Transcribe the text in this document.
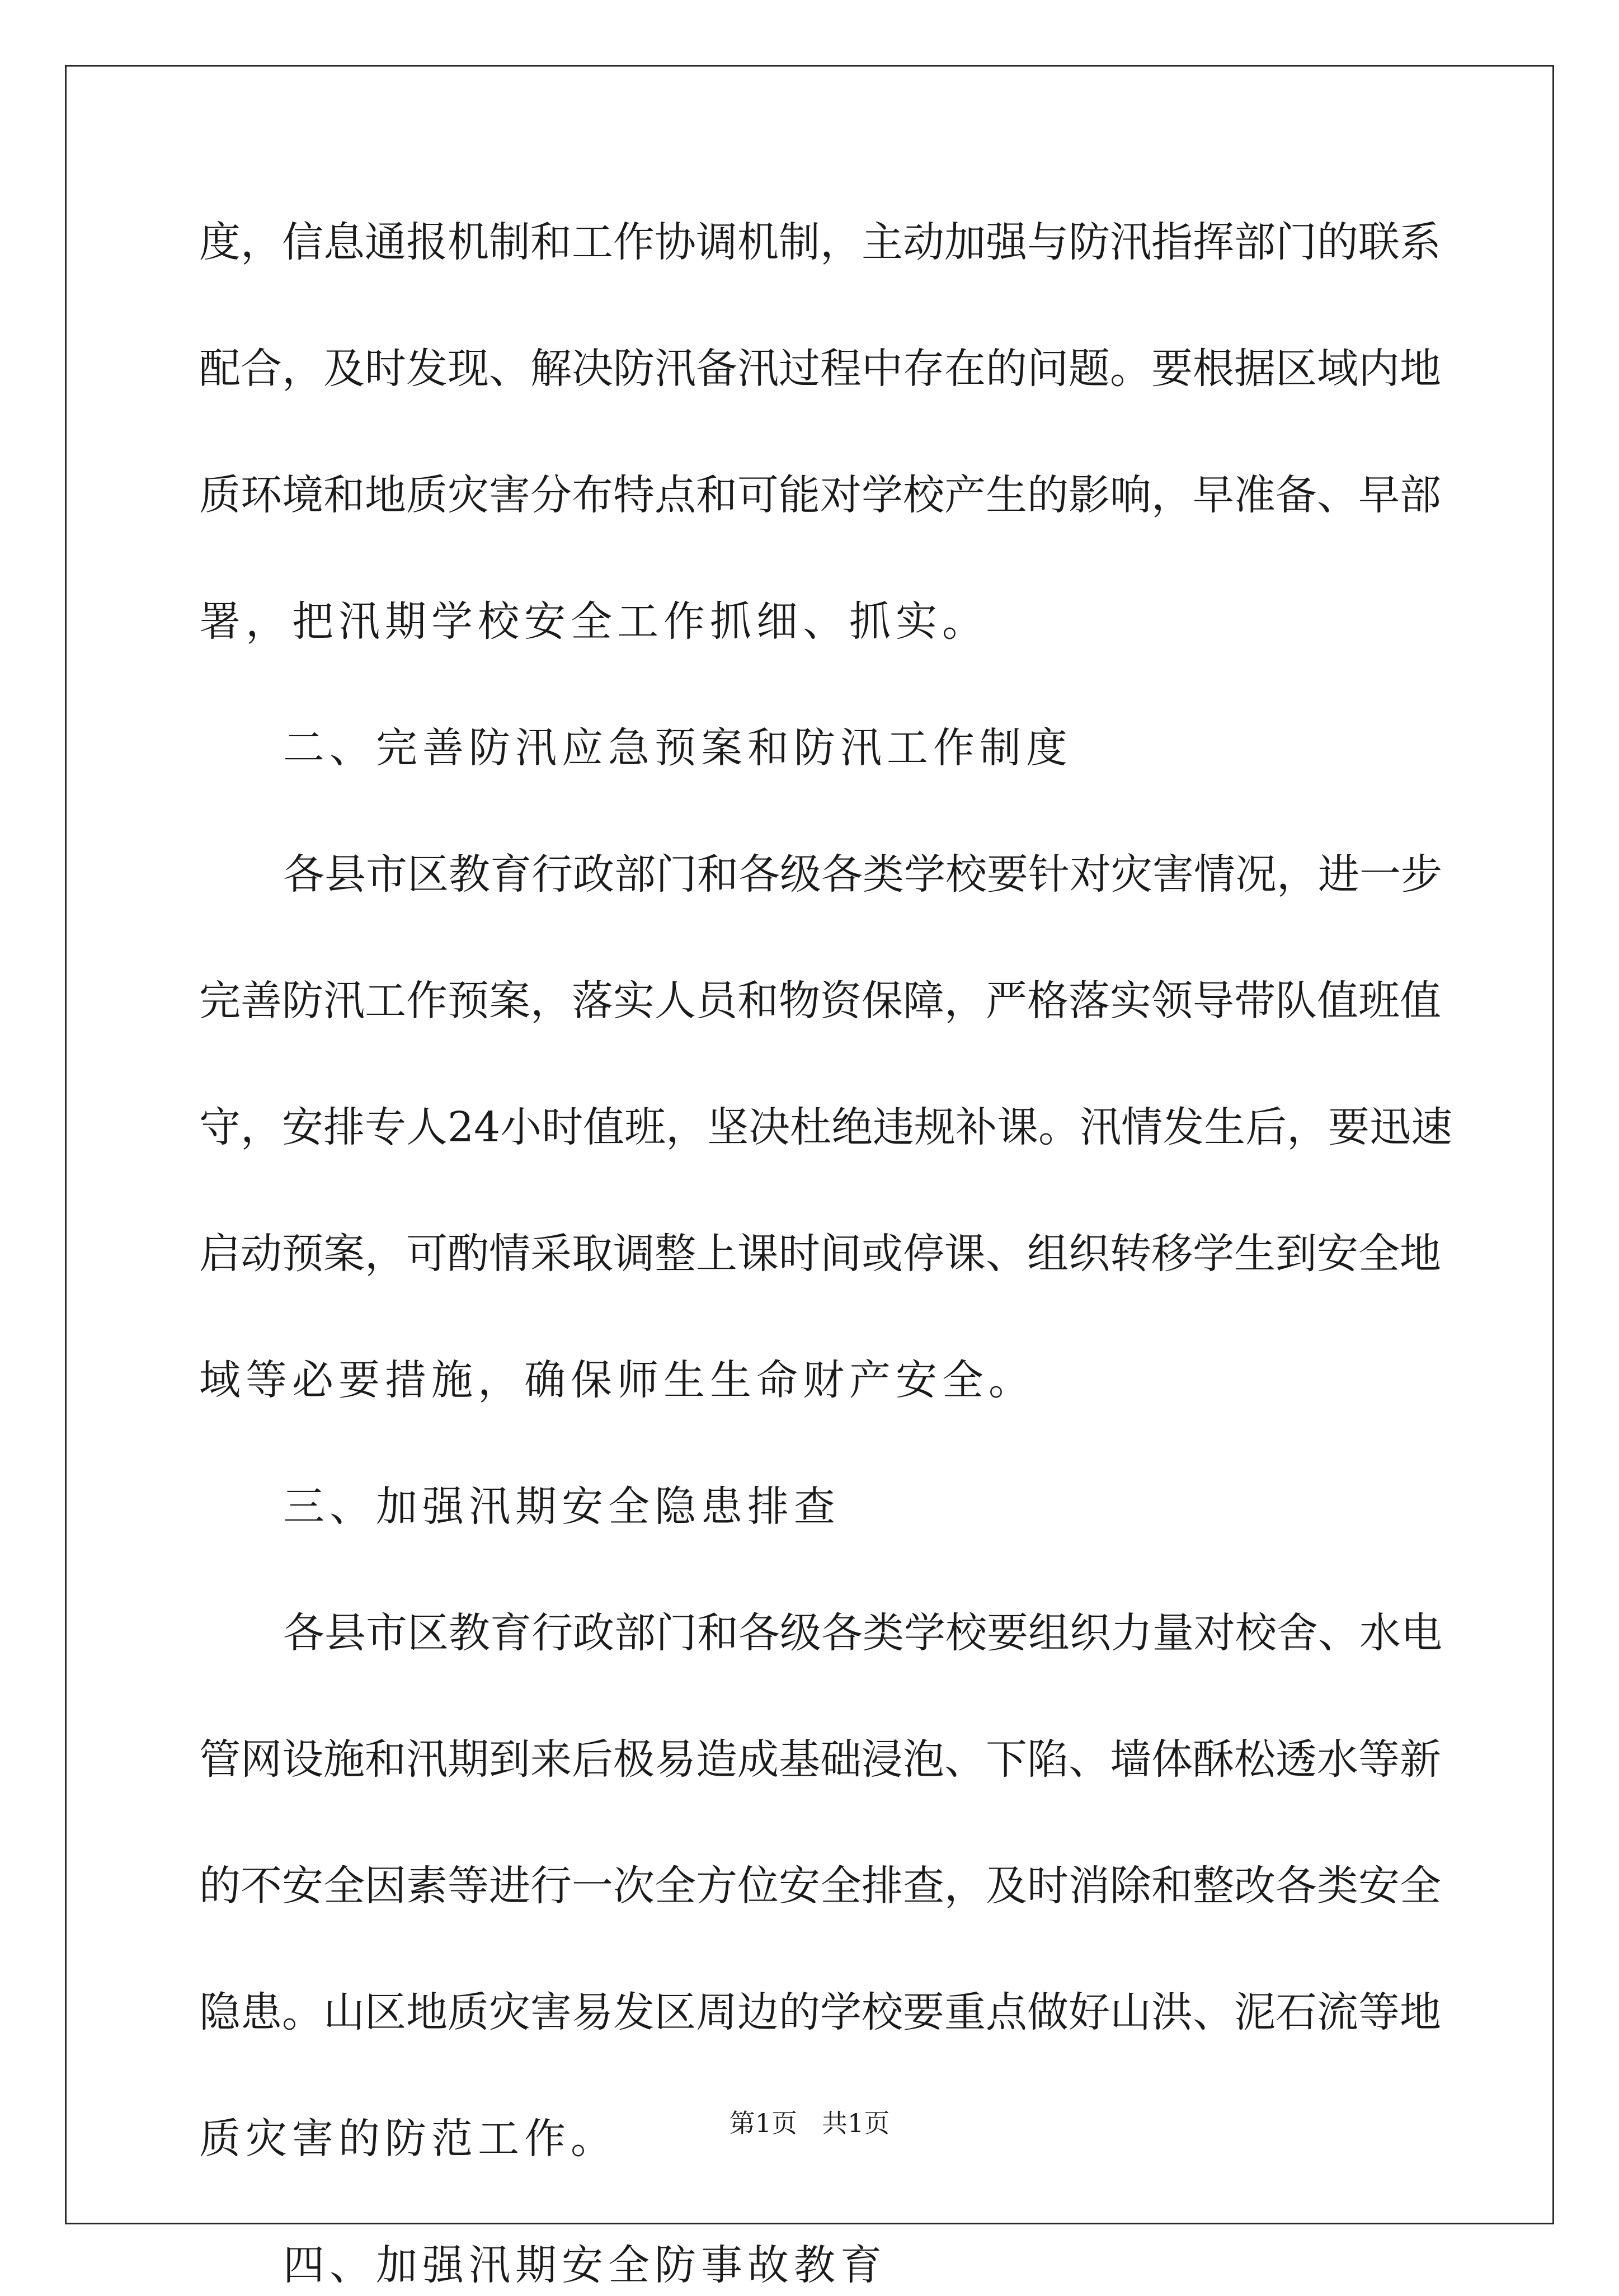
度，信息通报机制和工作协调机制，主动加强与防汛指挥部门的联系
配合，及时发现、解决防汛备汛过程中存在的问题。要根据区域内地
质环境和地质灾害分布特点和可能对学校产生的影响，早准备、早部
署，把汛期学校安全工作抓细、抓实。
二、完善防汛应急预案和防汛工作制度
各县市区教育行政部门和各级各类学校要针对灾害情况，进一步
完善防汛工作预案，落实人员和物资保障，严格落实领导带队值班值
守，安排专人24小时值班，坚决杜绝违规补课。汛情发生后，要迅速
启动预案，可酌情采取调整上课时间或停课、组织转移学生到安全地
域等必要措施，确保师生生命财产安全。
三、加强汛期安全隐患排查
各县市区教育行政部门和各级各类学校要组织力量对校舍、水电
管网设施和汛期到来后极易造成基础浸泡、下陷、墙体酥松透水等新
的不安全因素等进行一次全方位安全排查，及时消除和整改各类安全
隐患。山区地质灾害易发区周边的学校要重点做好山洪、泥石流等地
质灾害的防范工作。
四、加强汛期安全防事故教育
第1页 共1页
